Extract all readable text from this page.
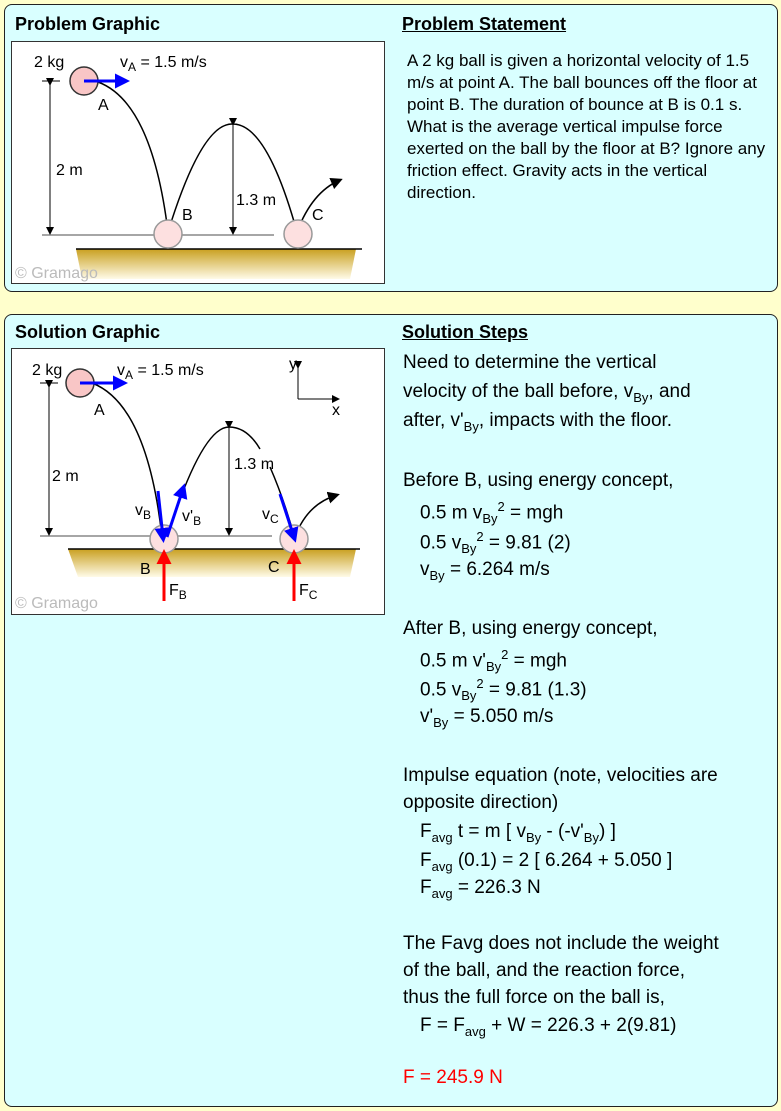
Problem Graphic	Problem Statement
A 2 kg ball is given a horizontal velocity of 1.5 m/s at point A. The ball bounces off the floor at point B. The duration of bounce at B is 0.1 s. What is the average vertical impulse force exerted on the ball by the floor at B? Ignore any friction effect. Gravity acts in the vertical direction.
© Gramago
2 kg	$v_A = 1.5$ m/s
A
B	C
2 m
1.3 m
Solution Graphic	Solution Steps
© Gramago
2 kg	$v_A = 1.5$ m/s
A
2 m
1.3 m
$v_B$ $v'_B$	$v_C$
B	C
$F_B$	$F_C$
y
x
Need to determine the vertical
velocity of the ball before, $v_{By}$, and
after, $v'_{By}$, impacts with the floor.
Before B, using energy concept,
0.5 m $v_{By}^2$ = mgh
0.5 $v_{By}^2 = 9.81$ (2)
$v_{By} = 6.264$ m/s
After B, using energy concept,
0.5 m $v'_{By}^2$ = mgh
0.5 $v_{By}^2 = 9.81$ (1.3)
$v'_{By} = 5.050$ m/s
Impulse equation (note, velocities are
opposite direction)
$F_{avg}$ t = m [ $v_{By} - (-v'_{By})$ ]
$F_{avg}$ (0.1) = 2 [ 6.264 + 5.050 ]
$F_{avg} = 226.3$ N
The Favg does not include the weight
of the ball, and the reaction force,
thus the full force on the ball is,
$F = F_{avg} + W = 226.3 + 2(9.81)$
F = 245.9 N
